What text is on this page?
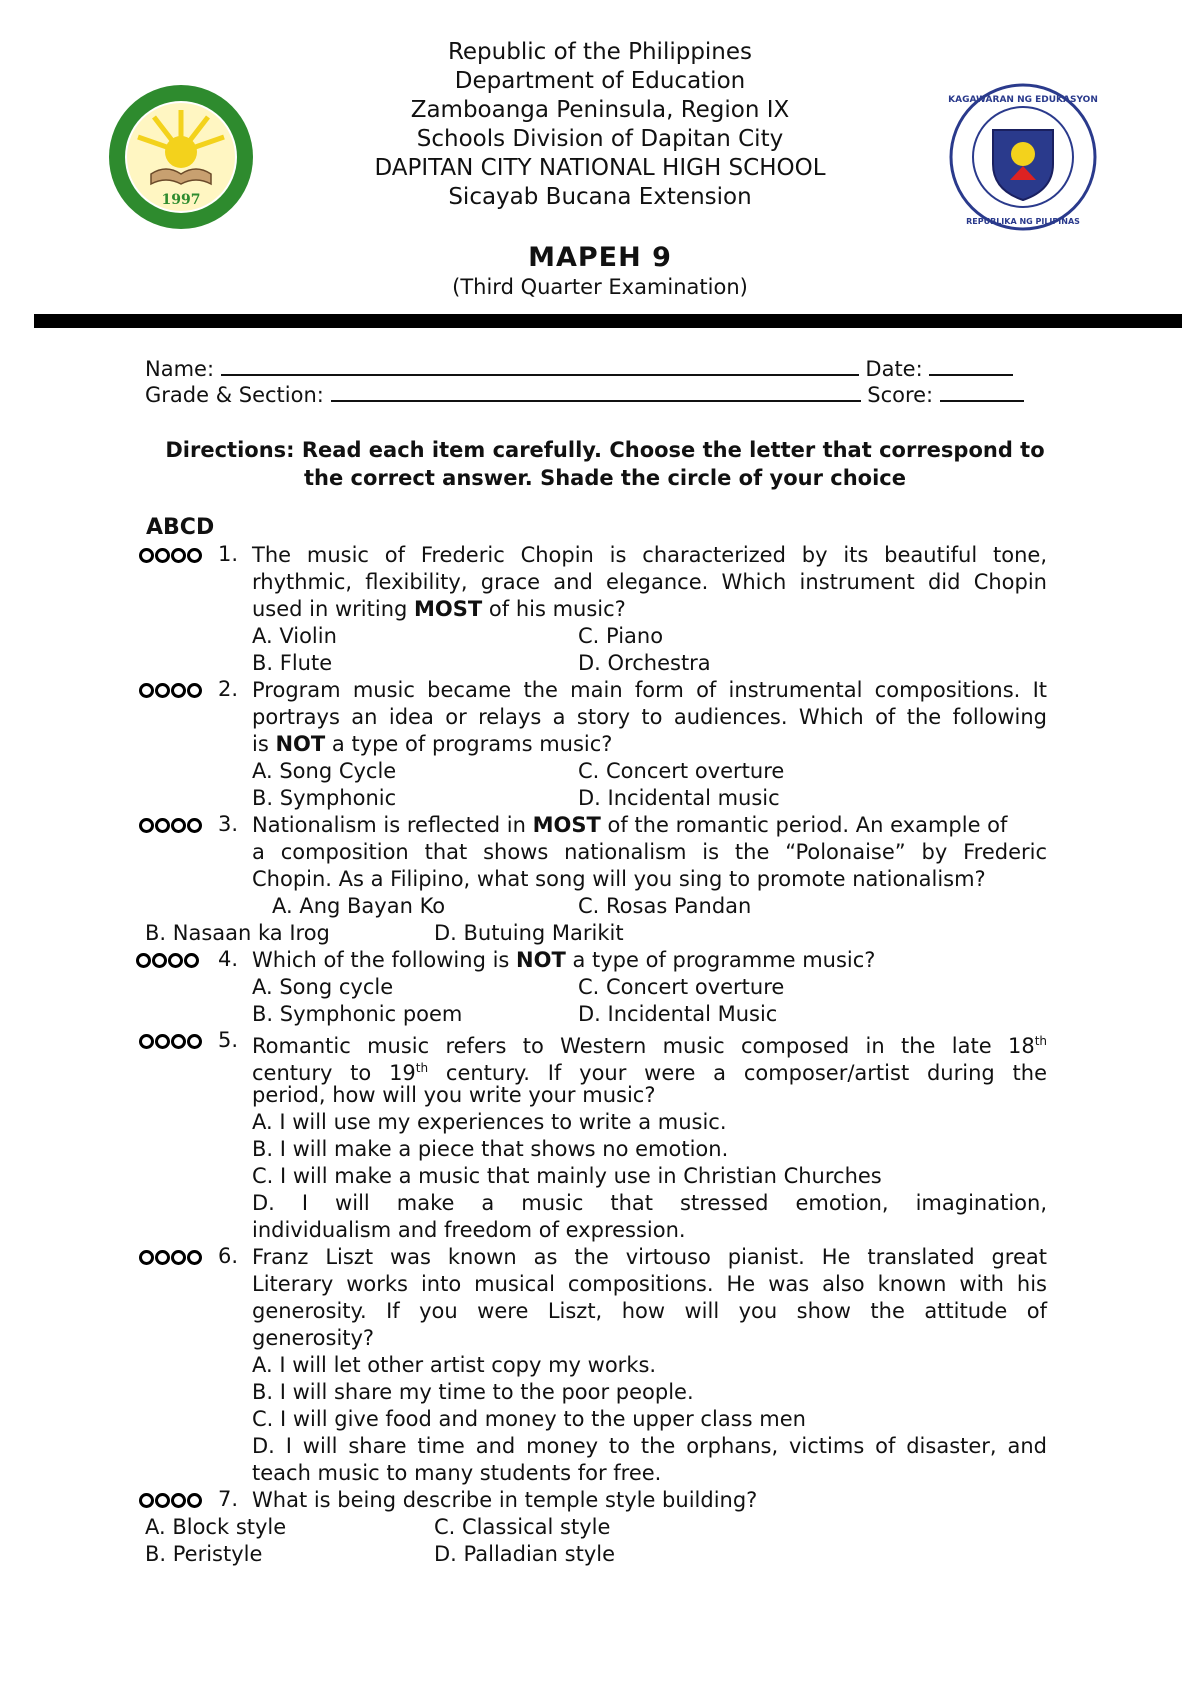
1997
KAGAWARAN NG EDUKASYON
REPUBLIKA NG PILIPINAS
Republic of the Philippines
Department of Education
Zamboanga Peninsula, Region IX
Schools Division of Dapitan City
DAPITAN CITY NATIONAL HIGH SCHOOL
Sicayab Bucana Extension
MAPEH 9
(Third Quarter Examination)
Name:	Date:
Grade & Section:	Score:
Directions: Read each item carefully. Choose the letter that correspond to
the correct answer. Shade the circle of your choice
ABCD
1. The music of Frederic Chopin is characterized by its beautiful tone,
rhythmic, flexibility, grace and elegance. Which instrument did Chopin
used in writing MOST of his music?
A. Violin	C. Piano
B. Flute	D. Orchestra
2. Program music became the main form of instrumental compositions. It
portrays an idea or relays a story to audiences. Which of the following
is NOT a type of programs music?
A. Song Cycle	C. Concert overture
B. Symphonic	D. Incidental music
3. Nationalism is reflected in MOST of the romantic period. An example of
a composition that shows nationalism is the “Polonaise” by Frederic
Chopin. As a Filipino, what song will you sing to promote nationalism?
A. Ang Bayan Ko	C. Rosas Pandan
B. Nasaan ka Irog	D. Butuing Marikit
4. Which of the following is NOT a type of programme music?
A. Song cycle	C. Concert overture
B. Symphonic poem	D. Incidental Music
5. Romantic music refers to Western music composed in the late 18th
century to 19th century. If your were a composer/artist during the
period, how will you write your music?
A. I will use my experiences to write a music.
B. I will make a piece that shows no emotion.
C. I will make a music that mainly use in Christian Churches
D. I will make a music that stressed emotion, imagination,
individualism and freedom of expression.
6. Franz Liszt was known as the virtouso pianist. He translated great
Literary works into musical compositions. He was also known with his
generosity. If you were Liszt, how will you show the attitude of
generosity?
A. I will let other artist copy my works.
B. I will share my time to the poor people.
C. I will give food and money to the upper class men
D. I will share time and money to the orphans, victims of disaster, and
teach music to many students for free.
7. What is being describe in temple style building?
A. Block style	C. Classical style
B. Peristyle	D. Palladian style
